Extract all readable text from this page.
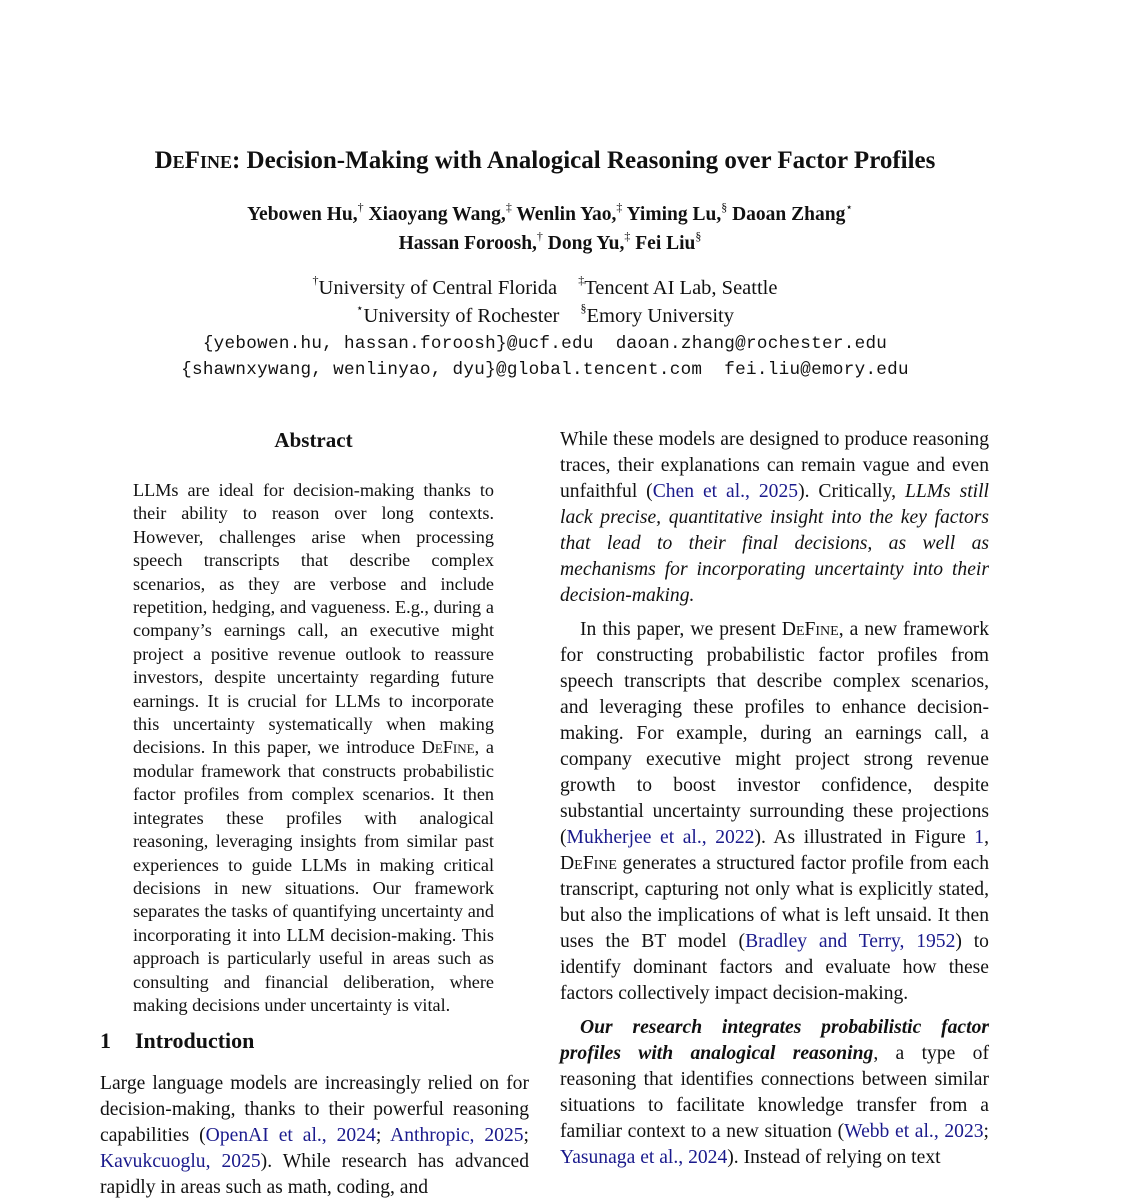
DeFine: Decision-Making with Analogical Reasoning over Factor Profiles
Yebowen Hu,† Xiaoyang Wang,‡ Wenlin Yao,‡ Yiming Lu,§ Daoan Zhang⋆
Hassan Foroosh,† Dong Yu,‡ Fei Liu§
†University of Central Florida ‡Tencent AI Lab, Seattle
⋆University of Rochester §Emory University
{yebowen.hu, hassan.foroosh}@ucf.edu daoan.zhang@rochester.edu
{shawnxywang, wenlinyao, dyu}@global.tencent.com fei.liu@emory.edu
Abstract
LLMs are ideal for decision-making thanks to their ability to reason over long contexts. However, challenges arise when processing speech transcripts that describe complex scenarios, as they are verbose and include repetition, hedging, and vagueness. E.g., during a company’s earnings call, an executive might project a positive revenue outlook to reassure investors, despite uncertainty regarding future earnings. It is crucial for LLMs to incorporate this uncertainty systematically when making decisions. In this paper, we introduce DeFine, a modular framework that constructs probabilistic factor profiles from complex scenarios. It then integrates these profiles with analogical reasoning, leveraging insights from similar past experiences to guide LLMs in making critical decisions in new situations. Our framework separates the tasks of quantifying uncertainty and incorporating it into LLM decision-making. This approach is particularly useful in areas such as consulting and financial deliberation, where making decisions under uncertainty is vital.
1 Introduction
Large language models are increasingly relied on for decision-making, thanks to their powerful reasoning capabilities (OpenAI et al., 2024; Anthropic, 2025; Kavukcuoglu, 2025). While research has advanced rapidly in areas such as math, coding, and

While these models are designed to produce reasoning traces, their explanations can remain vague and even unfaithful (Chen et al., 2025). Critically, LLMs still lack precise, quantitative insight into the key factors that lead to their final decisions, as well as mechanisms for incorporating uncertainty into their decision-making.

In this paper, we present DeFine, a new framework for constructing probabilistic factor profiles from speech transcripts that describe complex scenarios, and leveraging these profiles to enhance decision-making. For example, during an earnings call, a company executive might project strong revenue growth to boost investor confidence, despite substantial uncertainty surrounding these projections (Mukherjee et al., 2022). As illustrated in Figure 1, DeFine generates a structured factor profile from each transcript, capturing not only what is explicitly stated, but also the implications of what is left unsaid. It then uses the BT model (Bradley and Terry, 1952) to identify dominant factors and evaluate how these factors collectively impact decision-making.

Our research integrates probabilistic factor profiles with analogical reasoning, a type of reasoning that identifies connections between similar situations to facilitate knowledge transfer from a familiar context to a new situation (Webb et al., 2023; Yasunaga et al., 2024). Instead of relying on text
